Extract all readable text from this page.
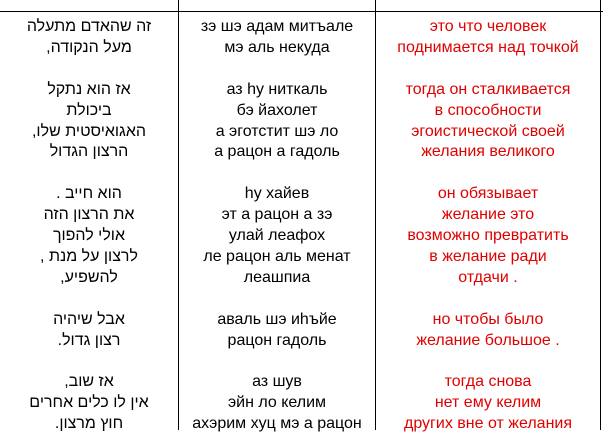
זה שהאדם מתעלה
מעל הנקודה,
אז הוא נתקל
ביכולת
האגואיסטית שלו,
הרצון הגדול
הוא חייב .
את הרצון הזה
אולי להפוך
לרצון על מנת ,
להשפיע,
אבל שיהיה
רצון גדול.
אז שוב,
אין לו כלים אחרים
חוץ מרצון.
зэ шэ адам митъале
мэ аль некуда
аз hу ниткаль
бэ йахолет
а эготстит шэ ло
а рацон а гадоль
hу хайев
эт а рацон а зэ
улай леафох
ле рацон аль менат
леашпиа
аваль шэ иhъйе
рацон гадоль
аз шув
эйн ло келим
ахэрим хуц мэ а рацон
это что человек
поднимается над точкой
тогда он сталкивается
в способности
эгоистической своей
желания великого
он обязывает
желание это
возможно превратить
в желание ради
отдачи .
но чтобы было
желание большое .
тогда снова
нет ему келим
других вне от желания
